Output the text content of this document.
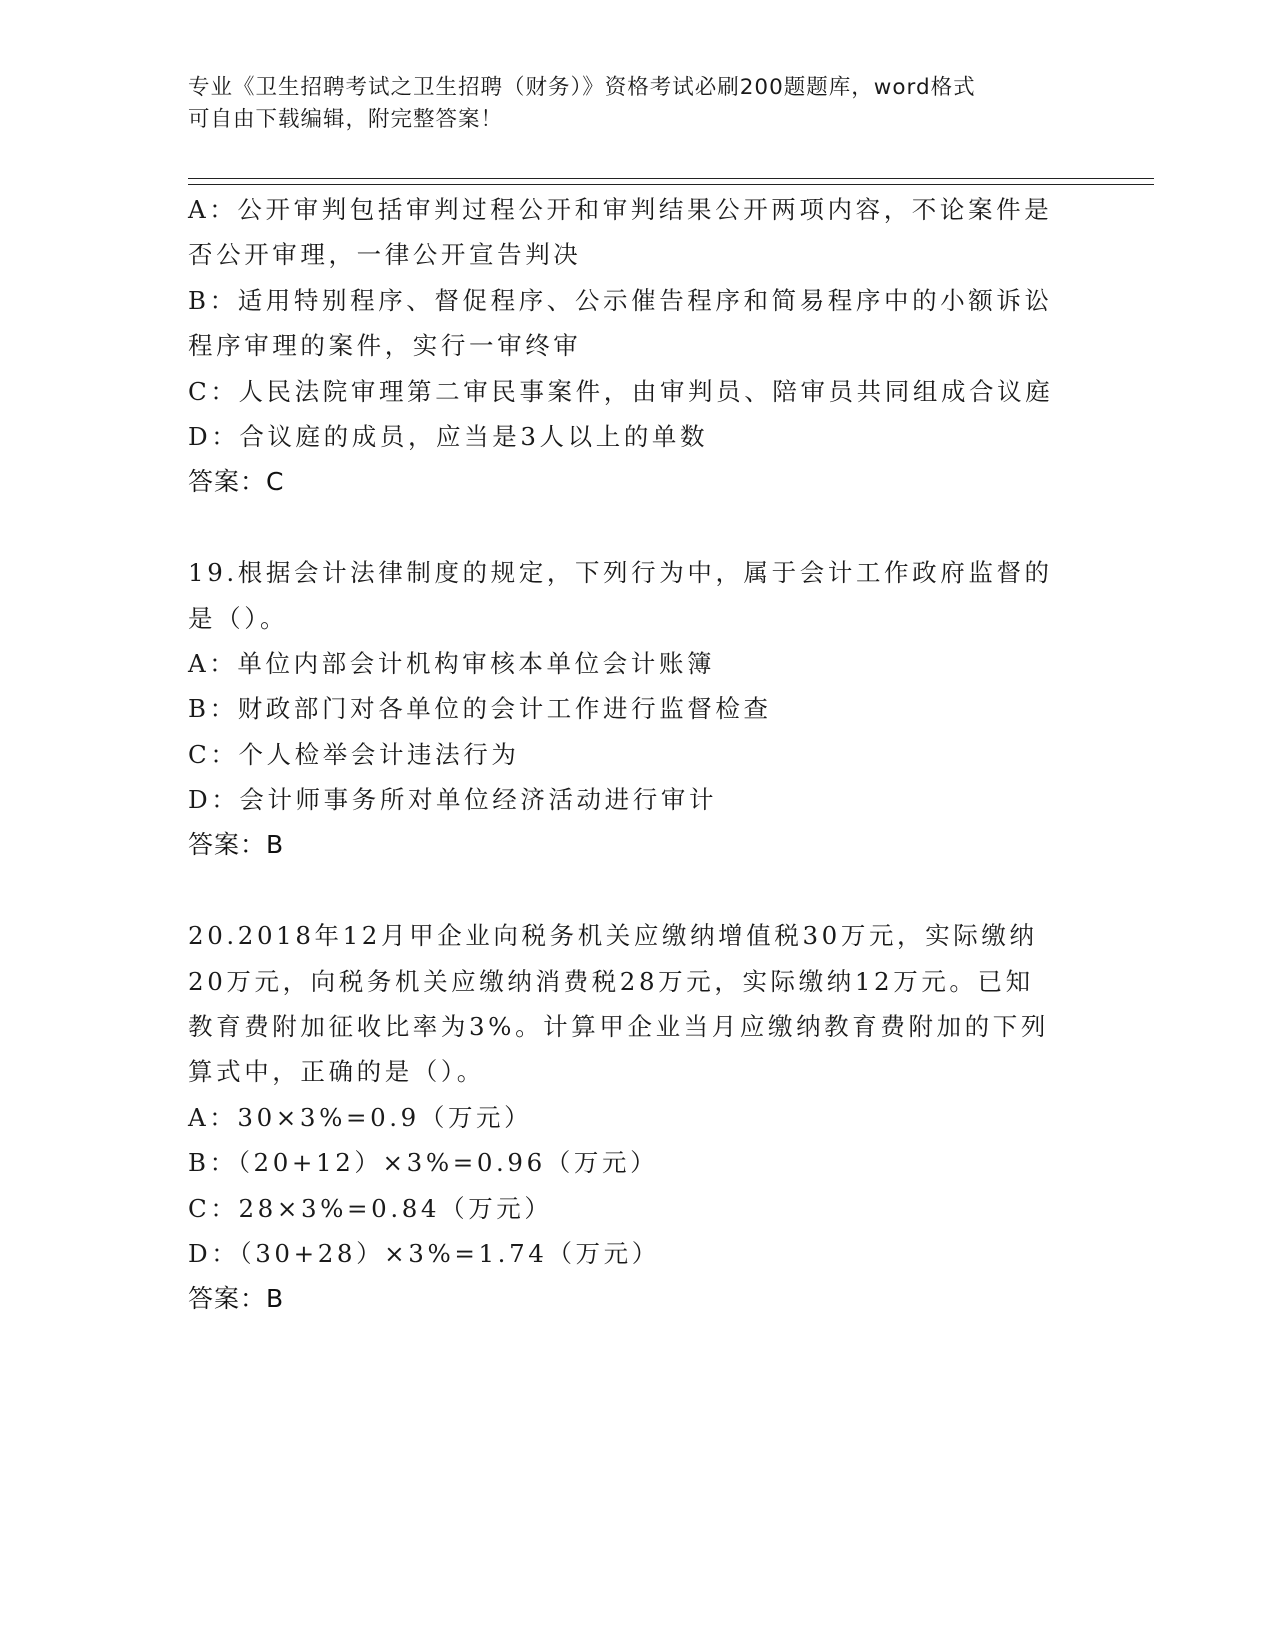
专业《卫生招聘考试之卫生招聘（财务）》资格考试必刷200题题库，word格式
可自由下载编辑，附完整答案！
A：公开审判包括审判过程公开和审判结果公开两项内容，不论案件是
否公开审理，一律公开宣告判决
B：适用特别程序、督促程序、公示催告程序和简易程序中的小额诉讼
程序审理的案件，实行一审终审
C：人民法院审理第二审民事案件，由审判员、陪审员共同组成合议庭
D：合议庭的成员，应当是3人以上的单数
答案：C
19.根据会计法律制度的规定，下列行为中，属于会计工作政府监督的
是（）。
A：单位内部会计机构审核本单位会计账簿
B：财政部门对各单位的会计工作进行监督检查
C：个人检举会计违法行为
D：会计师事务所对单位经济活动进行审计
答案：B
20.2018年12月甲企业向税务机关应缴纳增值税30万元，实际缴纳
20万元，向税务机关应缴纳消费税28万元，实际缴纳12万元。已知
教育费附加征收比率为3%。计算甲企业当月应缴纳教育费附加的下列
算式中，正确的是（）。
A：30×3%=0.9（万元）
B：（20+12）×3%=0.96（万元）
C：28×3%=0.84（万元）
D：（30+28）×3%=1.74（万元）
答案：B
